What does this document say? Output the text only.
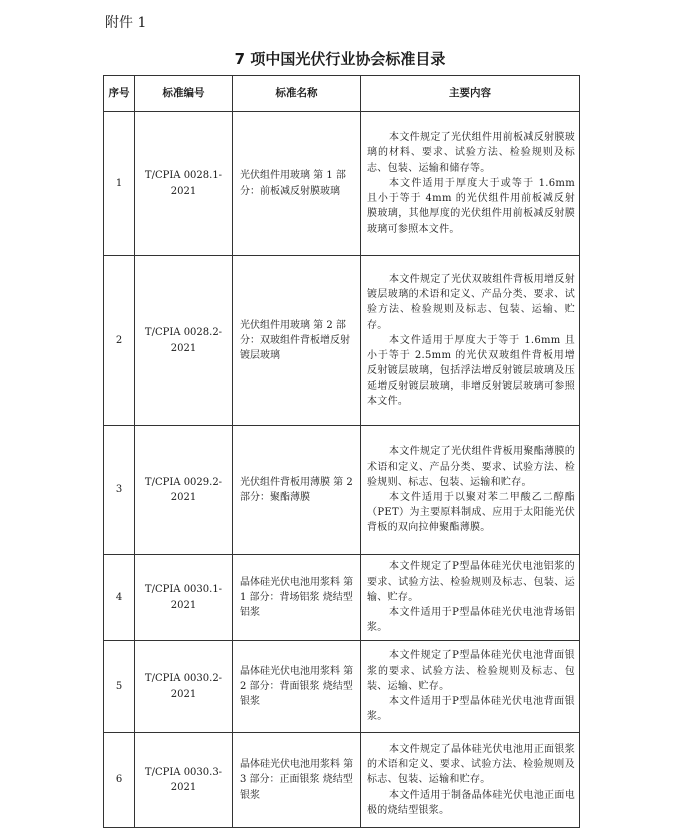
附件 1
7 项中国光伏行业协会标准目录
序号	标准编号	标准名称	主要内容
1	T/CPIA 0028.1-2021	光伏组件用玻璃 第 1 部分：前板减反射膜玻璃	本文件规定了光伏组件用前板减反射膜玻璃的材料、要求、试验方法、检验规则及标志、包装、运输和储存等。

本文件适用于厚度大于或等于 1.6mm 且小于等于 4mm 的光伏组件用前板减反射膜玻璃，其他厚度的光伏组件用前板减反射膜玻璃可参照本文件。

2	T/CPIA 0028.2-2021	光伏组件用玻璃 第 2 部分：双玻组件背板增反射镀层玻璃	本文件规定了光伏双玻组件背板用增反射镀层玻璃的术语和定义、产品分类、要求、试验方法、检验规则及标志、包装、运输、贮存。

本文件适用于厚度大于等于 1.6mm 且小于等于 2.5mm 的光伏双玻组件背板用增反射镀层玻璃，包括浮法增反射镀层玻璃及压延增反射镀层玻璃，非增反射镀层玻璃可参照本文件。

3	T/CPIA 0029.2-2021	光伏组件背板用薄膜 第 2 部分：聚酯薄膜	本文件规定了光伏组件背板用聚酯薄膜的术语和定义、产品分类、要求、试验方法、检验规则、标志、包装、运输和贮存。

本文件适用于以聚对苯二甲酸乙二醇酯（PET）为主要原料制成、应用于太阳能光伏背板的双向拉伸聚酯薄膜。

4	T/CPIA 0030.1-2021	晶体硅光伏电池用浆料 第 1 部分：背场铝浆 烧结型铝浆	本文件规定了P型晶体硅光伏电池铝浆的要求、试验方法、检验规则及标志、包装、运输、贮存。

本文件适用于P型晶体硅光伏电池背场铝浆。

5	T/CPIA 0030.2-2021	晶体硅光伏电池用浆料 第 2 部分：背面银浆 烧结型银浆	本文件规定了P型晶体硅光伏电池背面银浆的要求、试验方法、检验规则及标志、包装、运输、贮存。

本文件适用于P型晶体硅光伏电池背面银浆。

6	T/CPIA 0030.3-2021	晶体硅光伏电池用浆料 第 3 部分：正面银浆 烧结型银浆	本文件规定了晶体硅光伏电池用正面银浆的术语和定义、要求、试验方法、检验规则及标志、包装、运输和贮存。

本文件适用于制备晶体硅光伏电池正面电极的烧结型银浆。
